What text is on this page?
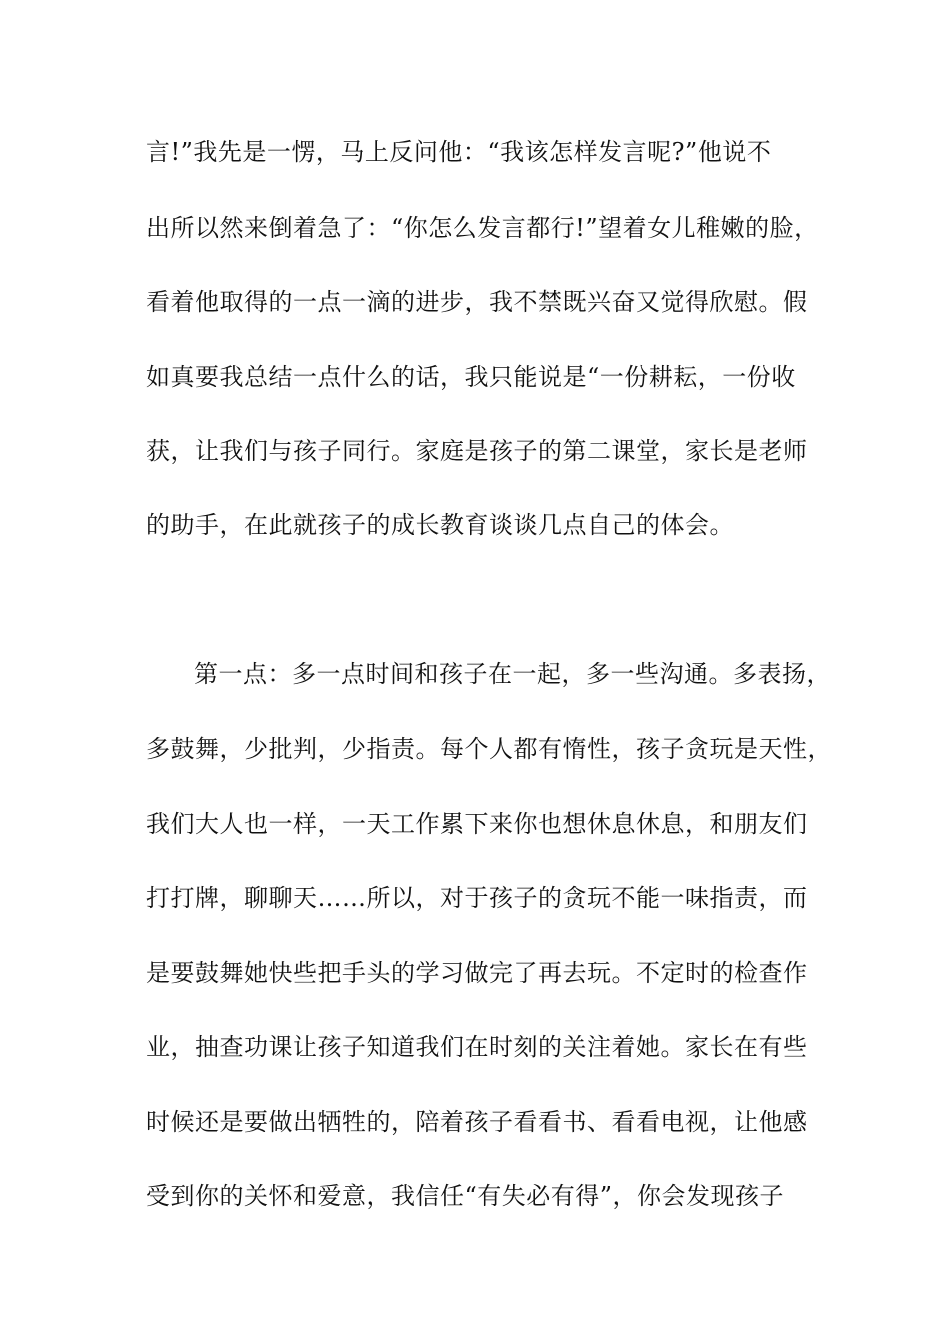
言!”我先是一愣，马上反问他：“我该怎样发言呢?”他说不
出所以然来倒着急了：“你怎么发言都行!”望着女儿稚嫩的脸，
看着他取得的一点一滴的进步，我不禁既兴奋又觉得欣慰。假
如真要我总结一点什么的话，我只能说是“一份耕耘，一份收
获，让我们与孩子同行。家庭是孩子的第二课堂，家长是老师
的助手，在此就孩子的成长教育谈谈几点自己的体会。
第一点：多一点时间和孩子在一起，多一些沟通。多表扬，
多鼓舞，少批判，少指责。每个人都有惰性，孩子贪玩是天性，
我们大人也一样，一天工作累下来你也想休息休息，和朋友们
打打牌，聊聊天……所以，对于孩子的贪玩不能一味指责，而
是要鼓舞她快些把手头的学习做完了再去玩。不定时的检查作
业，抽查功课让孩子知道我们在时刻的关注着她。家长在有些
时候还是要做出牺牲的，陪着孩子看看书、看看电视，让他感
受到你的关怀和爱意，我信任“有失必有得”，你会发现孩子
